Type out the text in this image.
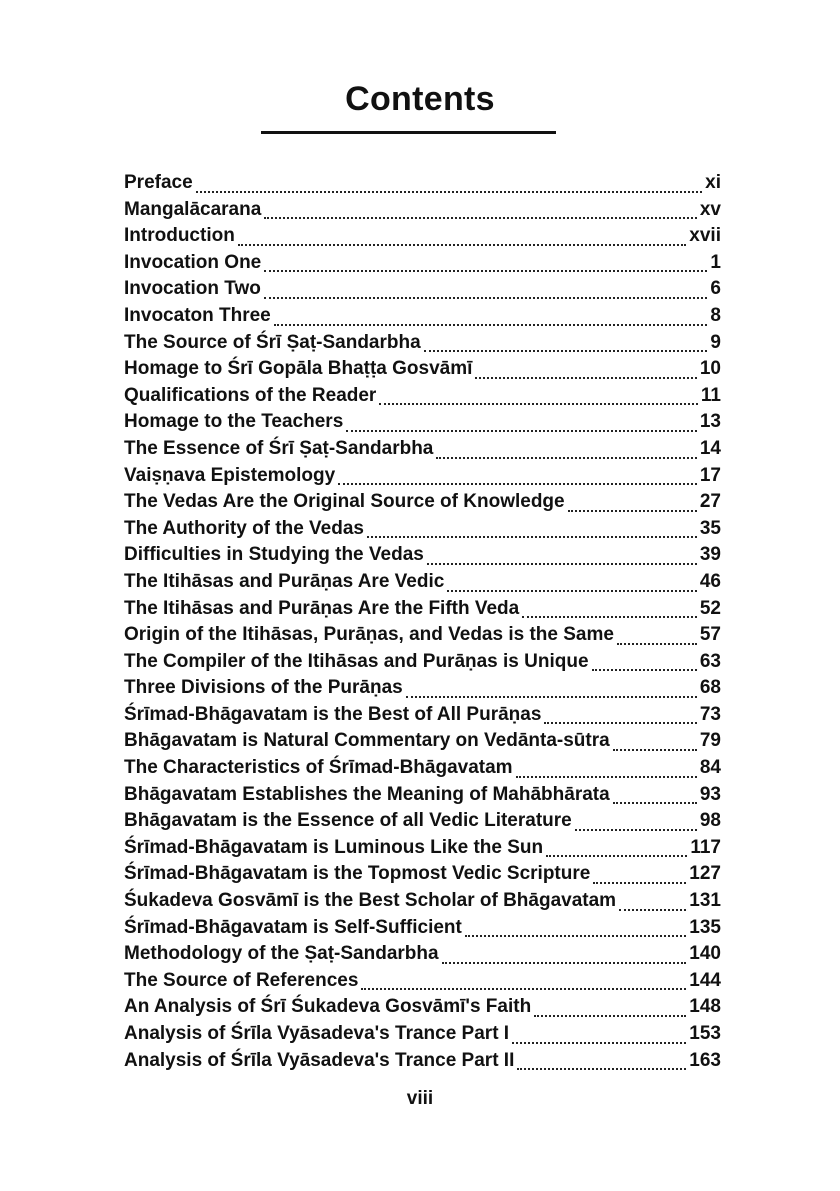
Contents
Preface	xi
Mangalācarana	xv
Introduction	xvii
Invocation One	1
Invocation Two	6
Invocaton Three	8
The Source of Śrī Ṣaṭ-Sandarbha	9
Homage to Śrī Gopāla Bhaṭṭa Gosvāmī	10
Qualifications of the Reader	11
Homage to the Teachers	13
The Essence of Śrī Ṣaṭ-Sandarbha	14
Vaiṣṇava Epistemology	17
The Vedas Are the Original Source of Knowledge	27
The Authority of the Vedas	35
Difficulties in Studying the Vedas	39
The Itihāsas and Purāṇas Are Vedic	46
The Itihāsas and Purāṇas Are the Fifth Veda	52
Origin of the Itihāsas, Purāṇas, and Vedas is the Same	57
The Compiler of the Itihāsas and Purāṇas is Unique	63
Three Divisions of the Purāṇas	68
Śrīmad-Bhāgavatam is the Best of All Purāṇas	73
Bhāgavatam is Natural Commentary on Vedānta-sūtra	79
The Characteristics of Śrīmad-Bhāgavatam	84
Bhāgavatam Establishes the Meaning of Mahābhārata	93
Bhāgavatam is the Essence of all Vedic Literature	98
Śrīmad-Bhāgavatam is Luminous Like the Sun	117
Śrīmad-Bhāgavatam is the Topmost Vedic Scripture	127
Śukadeva Gosvāmī is the Best Scholar of Bhāgavatam	131
Śrīmad-Bhāgavatam is Self-Sufficient	135
Methodology of the Ṣaṭ-Sandarbha	140
The Source of References	144
An Analysis of Śrī Śukadeva Gosvāmī's Faith	148
Analysis of Śrīla Vyāsadeva's Trance Part I	153
Analysis of Śrīla Vyāsadeva's Trance Part II	163
viii
